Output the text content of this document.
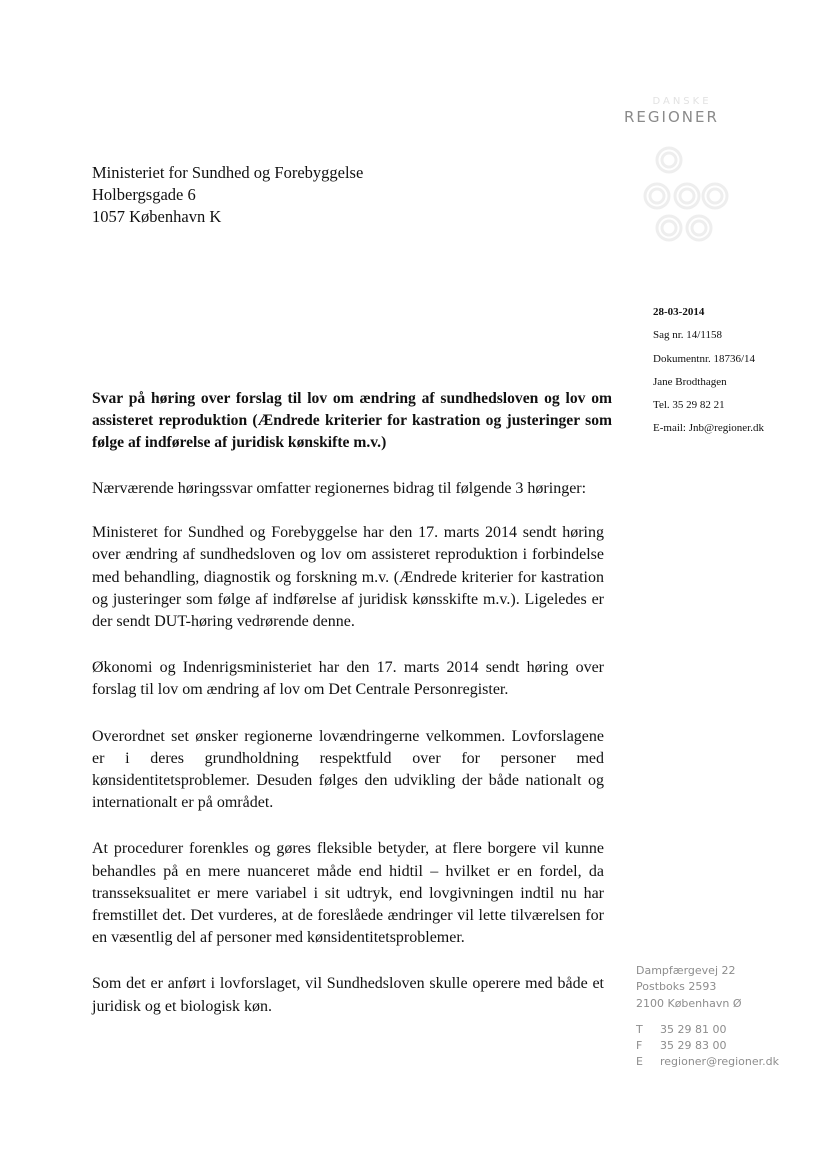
DANSKE
REGIONER
Ministeriet for Sundhed og Forebyggelse
Holbergsgade 6
1057 København K
28-03-2014
Sag nr. 14/1158
Dokumentnr. 18736/14
Jane Brodthagen
Tel. 35 29 82 21
E-mail: Jnb@regioner.dk
Svar på høring over forslag til lov om ændring af sundhedsloven og lov om assisteret reproduktion (Ændrede kriterier for kastration og justeringer som følge af indførelse af juridisk kønskifte m.v.)

Nærværende høringssvar omfatter regionernes bidrag til følgende 3 høringer:

Ministeret for Sundhed og Forebyggelse har den 17. marts 2014 sendt høring over ændring af sundhedsloven og lov om assisteret reproduktion i forbindelse med behandling, diagnostik og forskning m.v. (Ændrede kriterier for kastration og justeringer som følge af indførelse af juridisk kønsskifte m.v.). Ligeledes er der sendt DUT-høring vedrørende denne.

Økonomi og Indenrigsministeriet har den 17. marts 2014 sendt høring over forslag til lov om ændring af lov om Det Centrale Personregister.

Overordnet set ønsker regionerne lovændringerne velkommen. Lovforslagene er i deres grundholdning respektfuld over for personer med kønsidentitetsproblemer. Desuden følges den udvikling der både nationalt og internationalt er på området.

At procedurer forenkles og gøres fleksible betyder, at flere borgere vil kunne behandles på en mere nuanceret måde end hidtil – hvilket er en fordel, da transseksualitet er mere variabel i sit udtryk, end lovgivningen indtil nu har fremstillet det. Det vurderes, at de foreslåede ændringer vil lette tilværelsen for en væsentlig del af personer med kønsidentitetsproblemer.

Som det er anført i lovforslaget, vil Sundhedsloven skulle operere med både et juridisk og et biologisk køn.

Dampfærgevej 22
Postboks 2593
2100 København Ø
T 35 29 81 00
F 35 29 83 00
E regioner@regioner.dk
